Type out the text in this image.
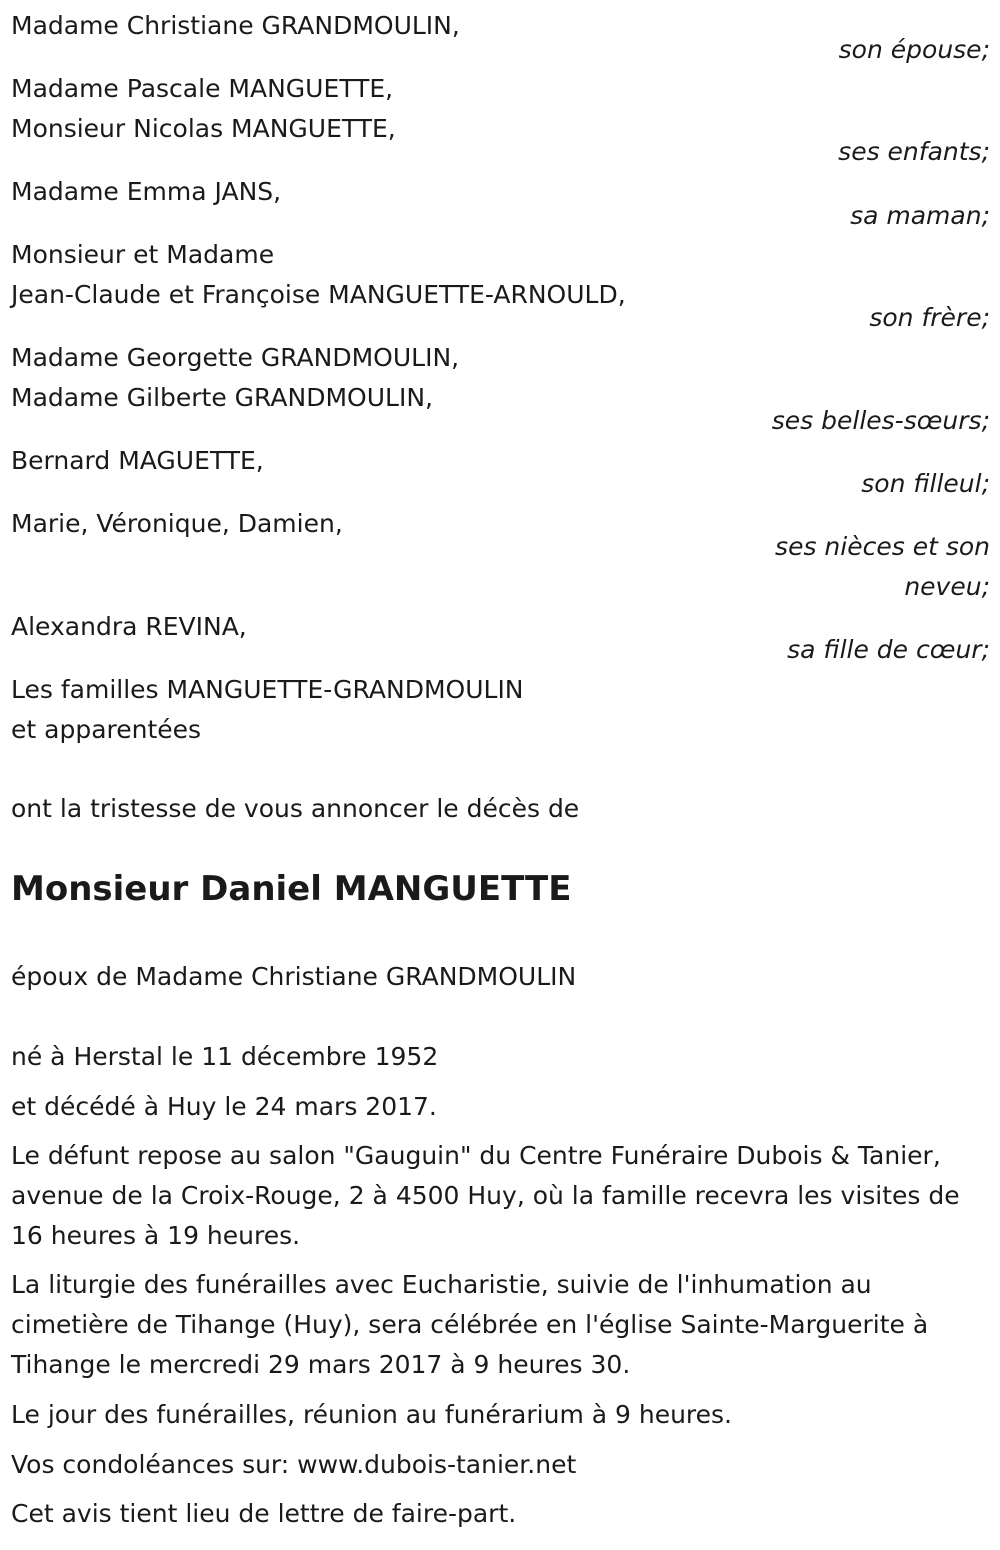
Madame Christiane GRANDMOULIN,
son épouse;
Madame Pascale MANGUETTE,
Monsieur Nicolas MANGUETTE,
ses enfants;
Madame Emma JANS,
sa maman;
Monsieur et Madame
Jean-Claude et Françoise MANGUETTE-ARNOULD,
son frère;
Madame Georgette GRANDMOULIN,
Madame Gilberte GRANDMOULIN,
ses belles-sœurs;
Bernard MAGUETTE,
son filleul;
Marie, Véronique, Damien,
ses nièces et son
neveu;
Alexandra REVINA,
sa fille de cœur;
Les familles MANGUETTE-GRANDMOULIN
et apparentées
ont la tristesse de vous annoncer le décès de
Monsieur Daniel MANGUETTE
époux de Madame Christiane GRANDMOULIN
né à Herstal le 11 décembre 1952
et décédé à Huy le 24 mars 2017.
Le défunt repose au salon "Gauguin" du Centre Funéraire Dubois & Tanier, avenue de la Croix-Rouge, 2 à 4500 Huy, où la famille recevra les visites de 16 heures à 19 heures.
La liturgie des funérailles avec Eucharistie, suivie de l'inhumation au cimetière de Tihange (Huy), sera célébrée en l'église Sainte-Marguerite à Tihange le mercredi 29 mars 2017 à 9 heures 30.
Le jour des funérailles, réunion au funérarium à 9 heures.
Vos condoléances sur: www.dubois-tanier.net
Cet avis tient lieu de lettre de faire-part.
